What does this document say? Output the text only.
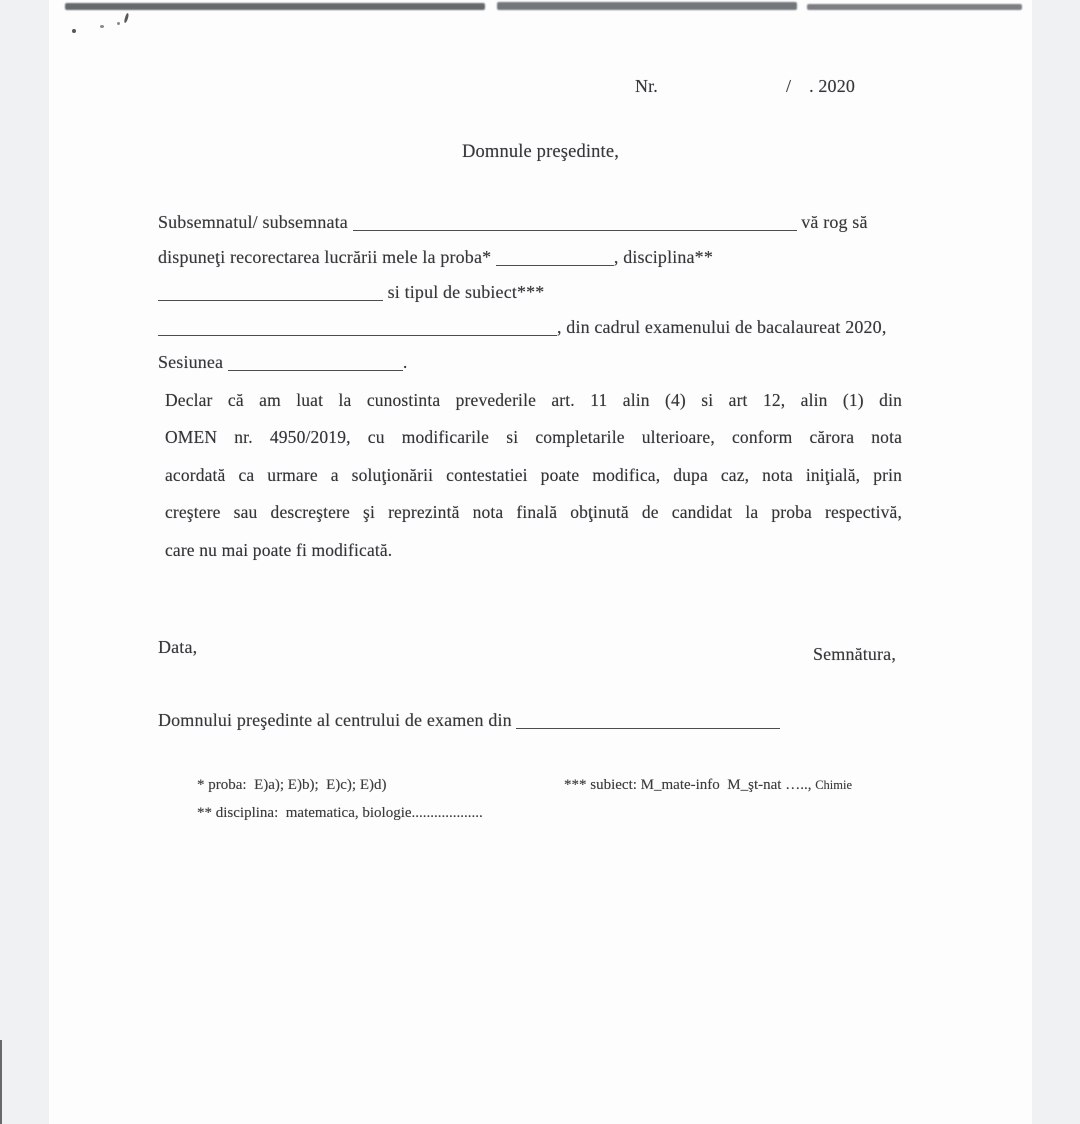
Nr.	/ . 2020
Domnule preşedinte,
Subsemnatul/ subsemnata	vă rog să
dispuneţi recorectarea lucrării mele la proba*	, disciplina**
si tipul de subiect***
, din cadrul examenului de bacalaureat 2020,
Sesiunea	.
Declar că am luat la cunostinta prevederile art. 11 alin (4) si art 12, alin (1) din
OMEN nr. 4950/2019, cu modificarile si completarile ulterioare, conform cărora nota
acordată ca urmare a soluţionării contestatiei poate modifica, dupa caz, nota iniţială, prin
creştere sau descreştere şi reprezintă nota finală obţinută de candidat la proba respectivă,
care nu mai poate fi modificată.
Data,	Semnătura,
Domnului preşedinte al centrului de examen din
* proba:  E)a); E)b);  E)c); E)d)	*** subiect: M_mate-info  M_şt-nat ….., Chimie
** disciplina:  matematica, biologie...................
